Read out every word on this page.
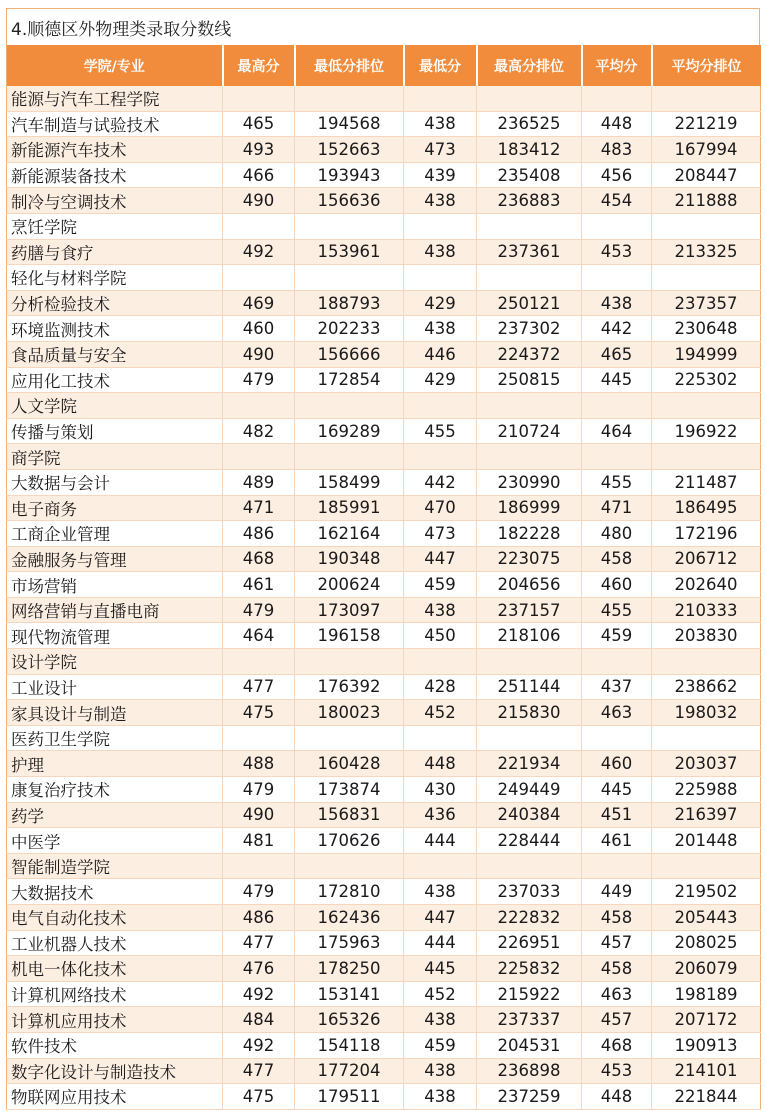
4.顺德区外物理类录取分数线
学院/专业	最高分	最低分排位	最低分	最高分排位	平均分	平均分排位
能源与汽车工程学院						
汽车制造与试验技术	465	194568	438	236525	448	221219
新能源汽车技术	493	152663	473	183412	483	167994
新能源装备技术	466	193943	439	235408	456	208447
制冷与空调技术	490	156636	438	236883	454	211888
烹饪学院						
药膳与食疗	492	153961	438	237361	453	213325
轻化与材料学院						
分析检验技术	469	188793	429	250121	438	237357
环境监测技术	460	202233	438	237302	442	230648
食品质量与安全	490	156666	446	224372	465	194999
应用化工技术	479	172854	429	250815	445	225302
人文学院						
传播与策划	482	169289	455	210724	464	196922
商学院						
大数据与会计	489	158499	442	230990	455	211487
电子商务	471	185991	470	186999	471	186495
工商企业管理	486	162164	473	182228	480	172196
金融服务与管理	468	190348	447	223075	458	206712
市场营销	461	200624	459	204656	460	202640
网络营销与直播电商	479	173097	438	237157	455	210333
现代物流管理	464	196158	450	218106	459	203830
设计学院						
工业设计	477	176392	428	251144	437	238662
家具设计与制造	475	180023	452	215830	463	198032
医药卫生学院						
护理	488	160428	448	221934	460	203037
康复治疗技术	479	173874	430	249449	445	225988
药学	490	156831	436	240384	451	216397
中医学	481	170626	444	228444	461	201448
智能制造学院						
大数据技术	479	172810	438	237033	449	219502
电气自动化技术	486	162436	447	222832	458	205443
工业机器人技术	477	175963	444	226951	457	208025
机电一体化技术	476	178250	445	225832	458	206079
计算机网络技术	492	153141	452	215922	463	198189
计算机应用技术	484	165326	438	237337	457	207172
软件技术	492	154118	459	204531	468	190913
数字化设计与制造技术	477	177204	438	236898	453	214101
物联网应用技术	475	179511	438	237259	448	221844
